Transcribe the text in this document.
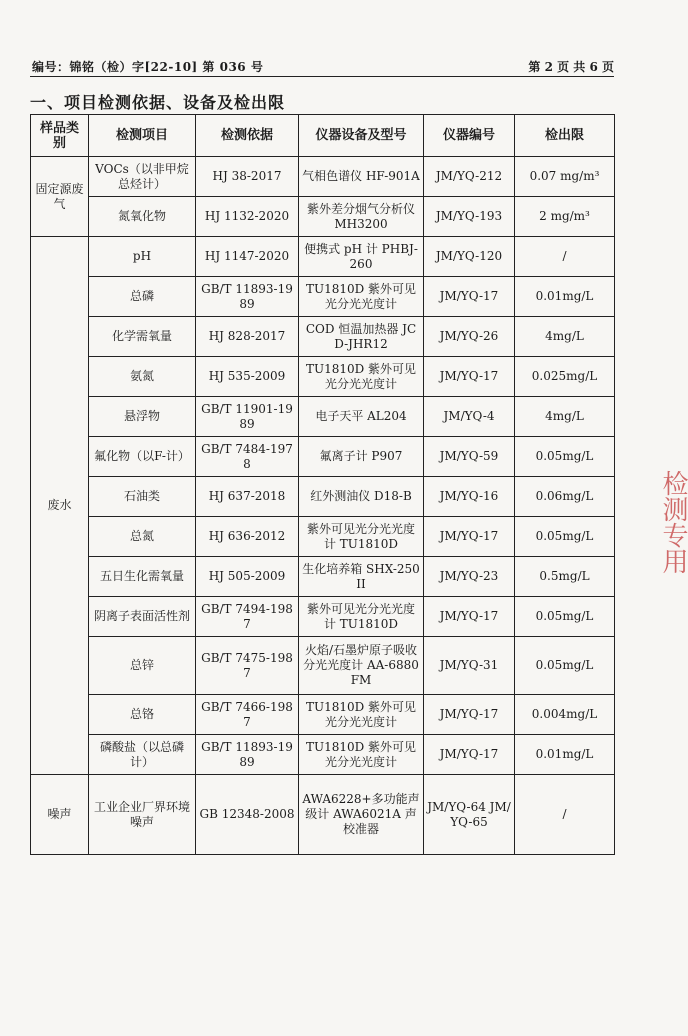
编号：锦铭（检）字[22-10] 第 036 号	第 2 页 共 6 页
一、项目检测依据、设备及检出限
样品类别	检测项目	检测依据	仪器设备及型号	仪器编号	检出限
固定源废气	VOCs（以非甲烷总烃计）	HJ 38-2017	气相色谱仪 HF-901A	JM/YQ-212	0.07 mg/m³
	氮氧化物	HJ 1132-2020	紫外差分烟气分析仪 MH3200	JM/YQ-193	2 mg/m³
废水	pH	HJ 1147-2020	便携式 pH 计 PHBJ-260	JM/YQ-120	/
	总磷	GB/T 11893-1989	TU1810D 紫外可见光分光光度计	JM/YQ-17	0.01mg/L
	化学需氧量	HJ 828-2017	COD 恒温加热器 JCD-JHR12	JM/YQ-26	4mg/L
	氨氮	HJ 535-2009	TU1810D 紫外可见光分光光度计	JM/YQ-17	0.025mg/L
	悬浮物	GB/T 11901-1989	电子天平 AL204	JM/YQ-4	4mg/L
	氟化物（以F-计）	GB/T 7484-1978	氟离子计 P907	JM/YQ-59	0.05mg/L
	石油类	HJ 637-2018	红外测油仪 D18-B	JM/YQ-16	0.06mg/L
	总氮	HJ 636-2012	紫外可见光分光光度计 TU1810D	JM/YQ-17	0.05mg/L
	五日生化需氧量	HJ 505-2009	生化培养箱 SHX-250II	JM/YQ-23	0.5mg/L
	阴离子表面活性剂	GB/T 7494-1987	紫外可见光分光光度计 TU1810D	JM/YQ-17	0.05mg/L
	总锌	GB/T 7475-1987	火焰/石墨炉原子吸收分光光度计 AA-6880FM	JM/YQ-31	0.05mg/L
	总铬	GB/T 7466-1987	TU1810D 紫外可见光分光光度计	JM/YQ-17	0.004mg/L
	磷酸盐（以总磷计）	GB/T 11893-1989	TU1810D 紫外可见光分光光度计	JM/YQ-17	0.01mg/L
噪声	工业企业厂界环境噪声	GB 12348-2008	AWA6228+多功能声级计 AWA6021A 声校准器	JM/YQ-64 JM/YQ-65	/
检测专用
